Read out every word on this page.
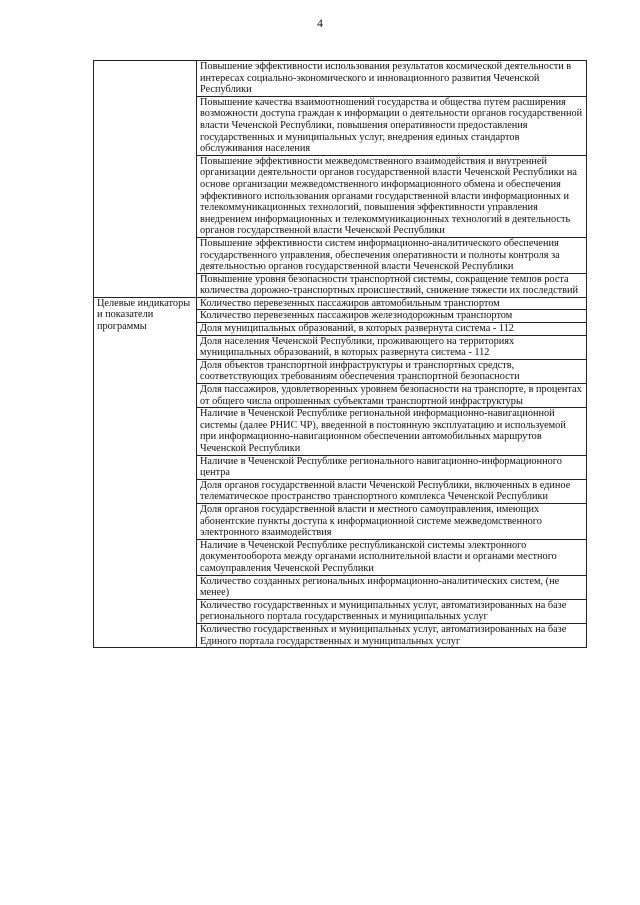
4
	Повышение эффективности использования результатов космической деятельности в интересах социально-экономического и инновационного развития Чеченской Республики
	Повышение качества взаимоотношений государства и общества путем расширения возможности доступа граждан к информации о деятельности органов государственной власти Чеченской Республики, повышения оперативности предоставления государственных и муниципальных услуг, внедрения единых стандартов обслуживания населения
	Повышение эффективности межведомственного взаимодействия и внутренней организации деятельности органов государственной власти Чеченской Республики на основе организации межведомственного информационного обмена и обеспечения эффективного использования органами государственной власти информационных и телекоммуникационных технологий, повышения эффективности управления внедрением информационных и телекоммуникационных технологий в деятельность органов государственной власти Чеченской Республики
	Повышение эффективности систем информационно-аналитического обеспечения государственного управления, обеспечения оперативности и полноты контроля за деятельностью органов государственной власти Чеченской Республики
	Повышение уровня безопасности транспортной системы, сокращение темпов роста количества дорожно-транспортных происшествий, снижение тяжести их последствий
Целевые индикаторы и показатели программы	Количество перевезенных пассажиров автомобильным транспортом
	Количество перевезенных пассажиров железнодорожным транспортом
	Доля муниципальных образований, в которых развернута система - 112
	Доля населения Чеченской Республики, проживающего на территориях муниципальных образований, в которых развернута система - 112
	Доля объектов транспортной инфраструктуры и транспортных средств, соответствующих требованиям обеспечения транспортной безопасности
	Доля пассажиров, удовлетворенных уровнем безопасности на транспорте, в процентах от общего числа опрошенных субъектами транспортной инфраструктуры
	Наличие в Чеченской Республике региональной информационно-навигационной системы (далее РНИС ЧР), введенной в постоянную эксплуатацию и используемой при информационно-навигационном обеспечении автомобильных маршрутов Чеченской Республики
	Наличие в Чеченской Республике регионального навигационно-информационного центра
	Доля органов государственной власти Чеченской Республики, включенных в единое телематическое пространство транспортного комплекса Чеченской Республики
	Доля органов государственной власти и местного самоуправления, имеющих абонентские пункты доступа к информационной системе межведомственного электронного взаимодействия
	Наличие в Чеченской Республике республиканской системы электронного документооборота между органами исполнительной власти и органами местного самоуправления Чеченской Республики
	Количество созданных региональных информационно-аналитических систем, (не менее)
	Количество государственных и муниципальных услуг, автоматизированных на базе регионального портала государственных и муниципальных услуг
	Количество государственных и муниципальных услуг, автоматизированных на базе Единого портала государственных и муниципальных услуг
